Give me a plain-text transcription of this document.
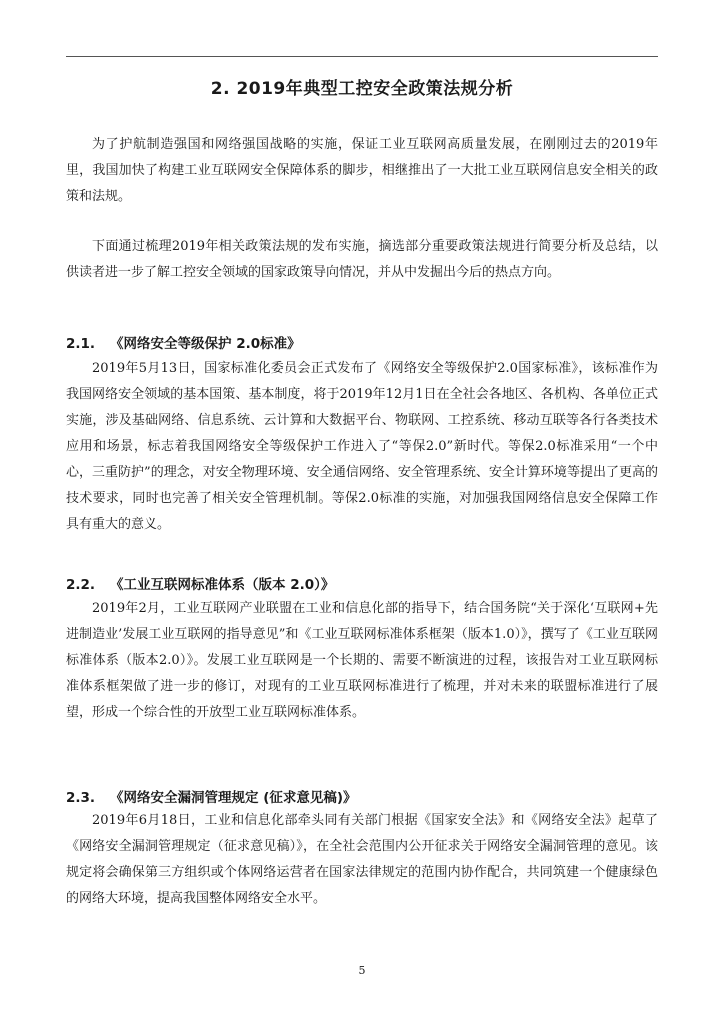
2. 2019年典型工控安全政策法规分析

为了护航制造强国和网络强国战略的实施，保证工业互联网高质量发展，在刚刚过去的2019年里，我国加快了构建工业互联网安全保障体系的脚步，相继推出了一大批工业互联网信息安全相关的政策和法规。

下面通过梳理2019年相关政策法规的发布实施，摘选部分重要政策法规进行简要分析及总结，以供读者进一步了解工控安全领域的国家政策导向情况，并从中发掘出今后的热点方向。

2.1. 《网络安全等级保护 2.0标准》

2019年5月13日，国家标准化委员会正式发布了《网络安全等级保护2.0国家标准》，该标准作为我国网络安全领域的基本国策、基本制度，将于2019年12月1日在全社会各地区、各机构、各单位正式实施，涉及基础网络、信息系统、云计算和大数据平台、物联网、工控系统、移动互联等各行各类技术应用和场景，标志着我国网络安全等级保护工作进入了“等保2.0”新时代。等保2.0标准采用“一个中心，三重防护”的理念，对安全物理环境、安全通信网络、安全管理系统、安全计算环境等提出了更高的技术要求，同时也完善了相关安全管理机制。等保2.0标准的实施，对加强我国网络信息安全保障工作具有重大的意义。

2.2. 《工业互联网标准体系（版本 2.0）》

2019年2月，工业互联网产业联盟在工业和信息化部的指导下，结合国务院“关于深化‘互联网+先进制造业’发展工业互联网的指导意见”和《工业互联网标准体系框架（版本1.0）》，撰写了《工业互联网标准体系（版本2.0）》。发展工业互联网是一个长期的、需要不断演进的过程，该报告对工业互联网标准体系框架做了进一步的修订，对现有的工业互联网标准进行了梳理，并对未来的联盟标准进行了展望，形成一个综合性的开放型工业互联网标准体系。

2.3. 《网络安全漏洞管理规定 (征求意见稿)》

2019年6月18日，工业和信息化部牵头同有关部门根据《国家安全法》和《网络安全法》起草了《网络安全漏洞管理规定（征求意见稿）》，在全社会范围内公开征求关于网络安全漏洞管理的意见。该规定将会确保第三方组织或个体网络运营者在国家法律规定的范围内协作配合，共同筑建一个健康绿色的网络大环境，提高我国整体网络安全水平。

5
